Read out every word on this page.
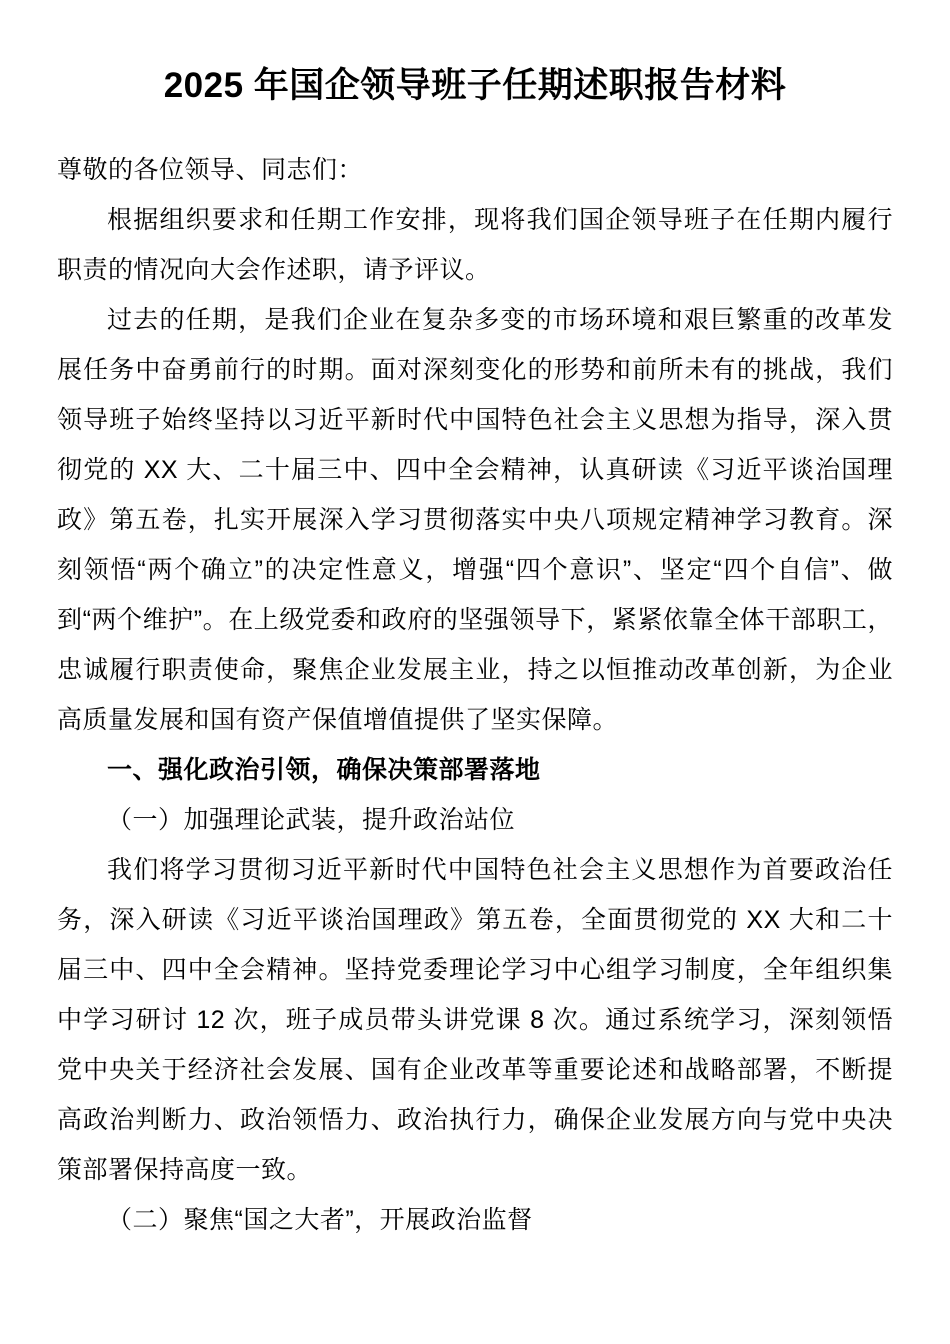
2025 年国企领导班子任期述职报告材料
尊敬的各位领导、同志们：
根据组织要求和任期工作安排，现将我们国企领导班子在任期内履行职责的情况向大会作述职，请予评议。
过去的任期，是我们企业在复杂多变的市场环境和艰巨繁重的改革发展任务中奋勇前行的时期。面对深刻变化的形势和前所未有的挑战，我们领导班子始终坚持以习近平新时代中国特色社会主义思想为指导，深入贯彻党的 XX 大、二十届三中、四中全会精神，认真研读《习近平谈治国理政》第五卷，扎实开展深入学习贯彻落实中央八项规定精神学习教育。深刻领悟“两个确立”的决定性意义，增强“四个意识”、坚定“四个自信”、做到“两个维护”。在上级党委和政府的坚强领导下，紧紧依靠全体干部职工，忠诚履行职责使命，聚焦企业发展主业，持之以恒推动改革创新，为企业高质量发展和国有资产保值增值提供了坚实保障。
一、强化政治引领，确保决策部署落地
（一）加强理论武装，提升政治站位
我们将学习贯彻习近平新时代中国特色社会主义思想作为首要政治任务，深入研读《习近平谈治国理政》第五卷，全面贯彻党的 XX 大和二十届三中、四中全会精神。坚持党委理论学习中心组学习制度，全年组织集中学习研讨 12 次，班子成员带头讲党课 8 次。通过系统学习，深刻领悟党中央关于经济社会发展、国有企业改革等重要论述和战略部署，不断提高政治判断力、政治领悟力、政治执行力，确保企业发展方向与党中央决策部署保持高度一致。
（二）聚焦“国之大者”，开展政治监督
